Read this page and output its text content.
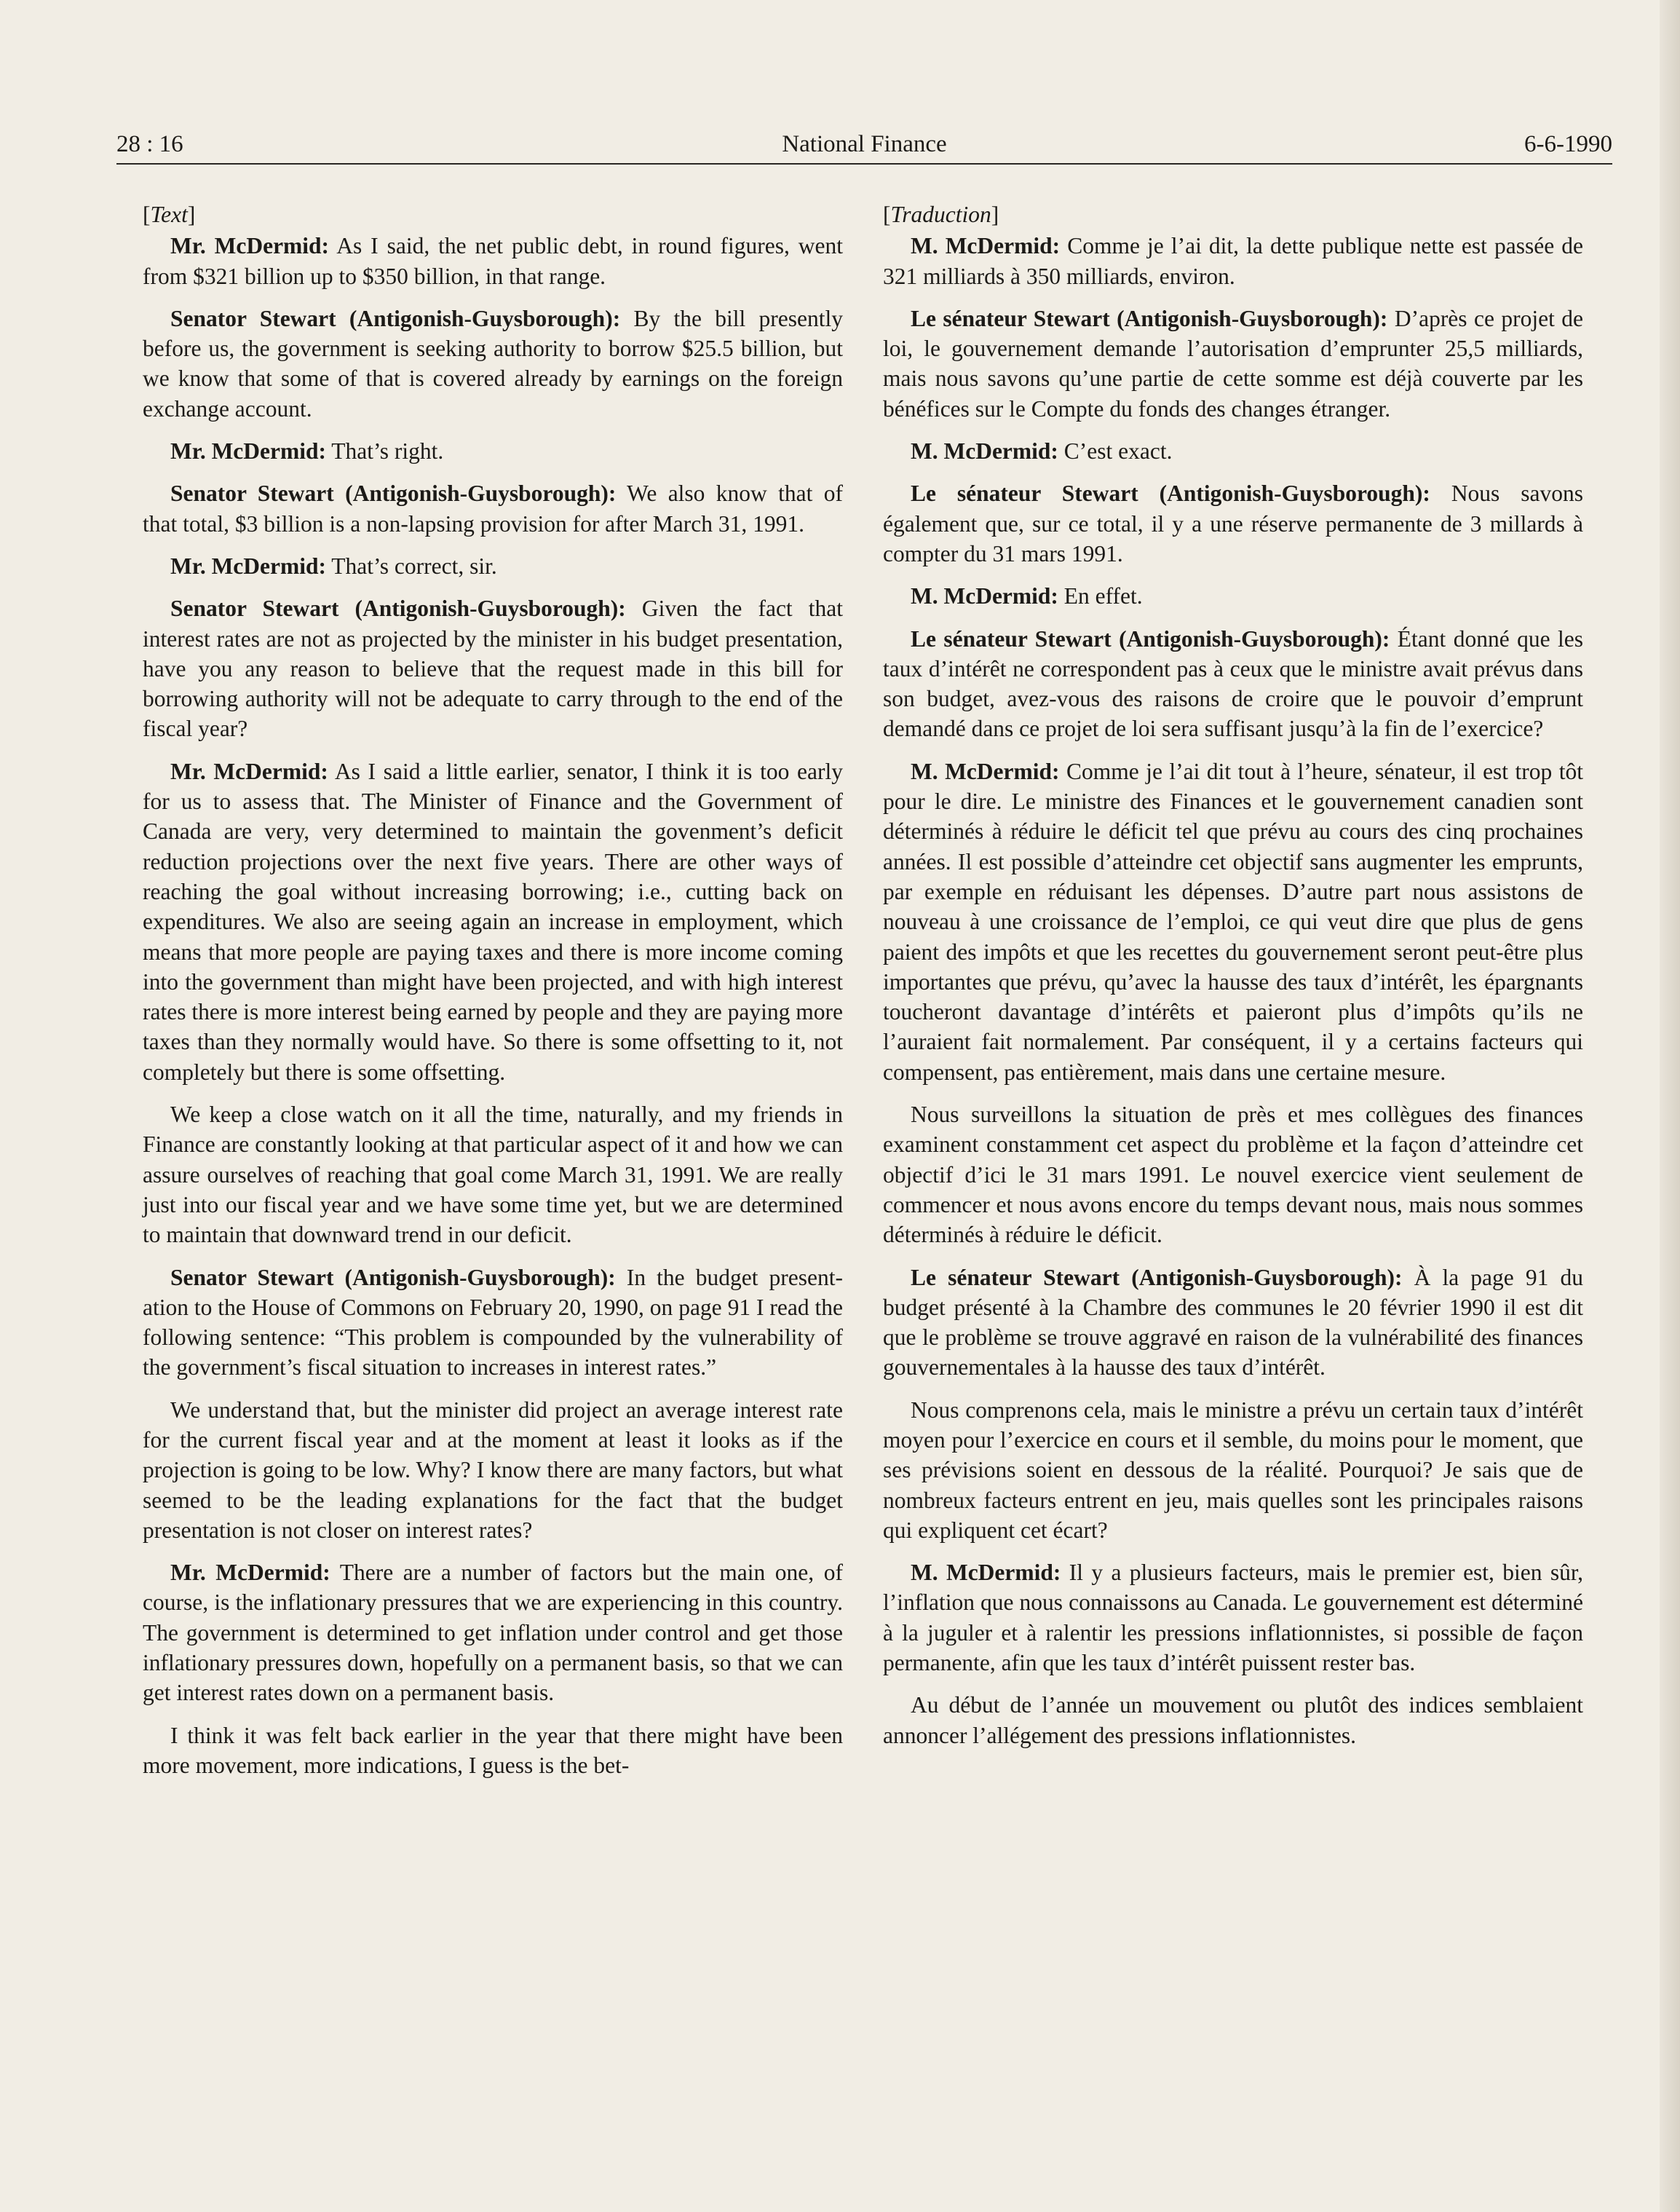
28 : 16	National Finance	6-6-1990

[Text]

Mr. McDermid: As I said, the net public debt, in round figures, went from $321 billion up to $350 billion, in that range.

Senator Stewart (Antigonish-Guysborough): By the bill presently before us, the government is seeking authority to borrow $25.5 billion, but we know that some of that is covered already by earnings on the foreign exchange account.

Mr. McDermid: That’s right.

Senator Stewart (Antigonish-Guysborough): We also know that of that total, $3 billion is a non-lapsing provision for after March 31, 1991.

Mr. McDermid: That’s correct, sir.

Senator Stewart (Antigonish-Guysborough): Given the fact that interest rates are not as projected by the minister in his budget presentation, have you any reason to believe that the request made in this bill for borrowing authority will not be adequate to carry through to the end of the fiscal year?

Mr. McDermid: As I said a little earlier, senator, I think it is too early for us to assess that. The Minister of Finance and the Government of Canada are very, very determined to maintain the govenment’s deficit reduction projections over the next five years. There are other ways of reaching the goal without increasing borrowing; i.e., cutting back on expenditures. We also are seeing again an increase in employment, which means that more people are paying taxes and there is more income coming into the government than might have been projected, and with high interest rates there is more interest being earned by people and they are paying more taxes than they normally would have. So there is some offsetting to it, not completely but there is some offsetting.

We keep a close watch on it all the time, naturally, and my friends in Finance are constantly looking at that particular aspect of it and how we can assure ourselves of reaching that goal come March 31, 1991. We are really just into our fiscal year and we have some time yet, but we are determined to maintain that downward trend in our deficit.

Senator Stewart (Antigonish-Guysborough): In the budget present-ation to the House of Commons on February 20, 1990, on page 91 I read the following sentence: “This problem is compounded by the vulnerability of the government’s fiscal situation to increases in interest rates.”

We understand that, but the minister did project an average interest rate for the current fiscal year and at the moment at least it looks as if the projection is going to be low. Why? I know there are many factors, but what seemed to be the leading explanations for the fact that the budget presentation is not closer on interest rates?

Mr. McDermid: There are a number of factors but the main one, of course, is the inflationary pressures that we are experiencing in this country. The government is determined to get inflation under control and get those inflationary pressures down, hopefully on a permanent basis, so that we can get interest rates down on a permanent basis.

I think it was felt back earlier in the year that there might have been more movement, more indications, I guess is the bet-

[Traduction]

M. McDermid: Comme je l’ai dit, la dette publique nette est passée de 321 milliards à 350 milliards, environ.

Le sénateur Stewart (Antigonish-Guysborough): D’après ce projet de loi, le gouvernement demande l’autorisation d’emprunter 25,5 milliards, mais nous savons qu’une partie de cette somme est déjà couverte par les bénéfices sur le Compte du fonds des changes étranger.

M. McDermid: C’est exact.

Le sénateur Stewart (Antigonish-Guysborough): Nous savons également que, sur ce total, il y a une réserve permanente de 3 millards à compter du 31 mars 1991.

M. McDermid: En effet.

Le sénateur Stewart (Antigonish-Guysborough): Étant donné que les taux d’intérêt ne correspondent pas à ceux que le ministre avait prévus dans son budget, avez-vous des raisons de croire que le pouvoir d’emprunt demandé dans ce projet de loi sera suffisant jusqu’à la fin de l’exercice?

M. McDermid: Comme je l’ai dit tout à l’heure, sénateur, il est trop tôt pour le dire. Le ministre des Finances et le gouvernement canadien sont déterminés à réduire le déficit tel que prévu au cours des cinq prochaines années. Il est possible d’atteindre cet objectif sans augmenter les emprunts, par exemple en réduisant les dépenses. D’autre part nous assistons de nouveau à une croissance de l’emploi, ce qui veut dire que plus de gens paient des impôts et que les recettes du gouvernement seront peut-être plus importantes que prévu, qu’avec la hausse des taux d’intérêt, les épargnants toucheront davantage d’intérêts et paieront plus d’impôts qu’ils ne l’auraient fait normalement. Par conséquent, il y a certains facteurs qui compensent, pas entièrement, mais dans une certaine mesure.

Nous surveillons la situation de près et mes collègues des finances examinent constamment cet aspect du problème et la façon d’atteindre cet objectif d’ici le 31 mars 1991. Le nouvel exercice vient seulement de commencer et nous avons encore du temps devant nous, mais nous sommes déterminés à réduire le déficit.

Le sénateur Stewart (Antigonish-Guysborough): À la page 91 du budget présenté à la Chambre des communes le 20 février 1990 il est dit que le problème se trouve aggravé en raison de la vulnérabilité des finances gouvernementales à la hausse des taux d’intérêt.

Nous comprenons cela, mais le ministre a prévu un certain taux d’intérêt moyen pour l’exercice en cours et il semble, du moins pour le moment, que ses prévisions soient en dessous de la réalité. Pourquoi? Je sais que de nombreux facteurs entrent en jeu, mais quelles sont les principales raisons qui expliquent cet écart?

M. McDermid: Il y a plusieurs facteurs, mais le premier est, bien sûr, l’inflation que nous connaissons au Canada. Le gouvernement est déterminé à la juguler et à ralentir les pressions inflationnistes, si possible de façon permanente, afin que les taux d’intérêt puissent rester bas.

Au début de l’année un mouvement ou plutôt des indices semblaient annoncer l’allégement des pressions inflationnistes.
